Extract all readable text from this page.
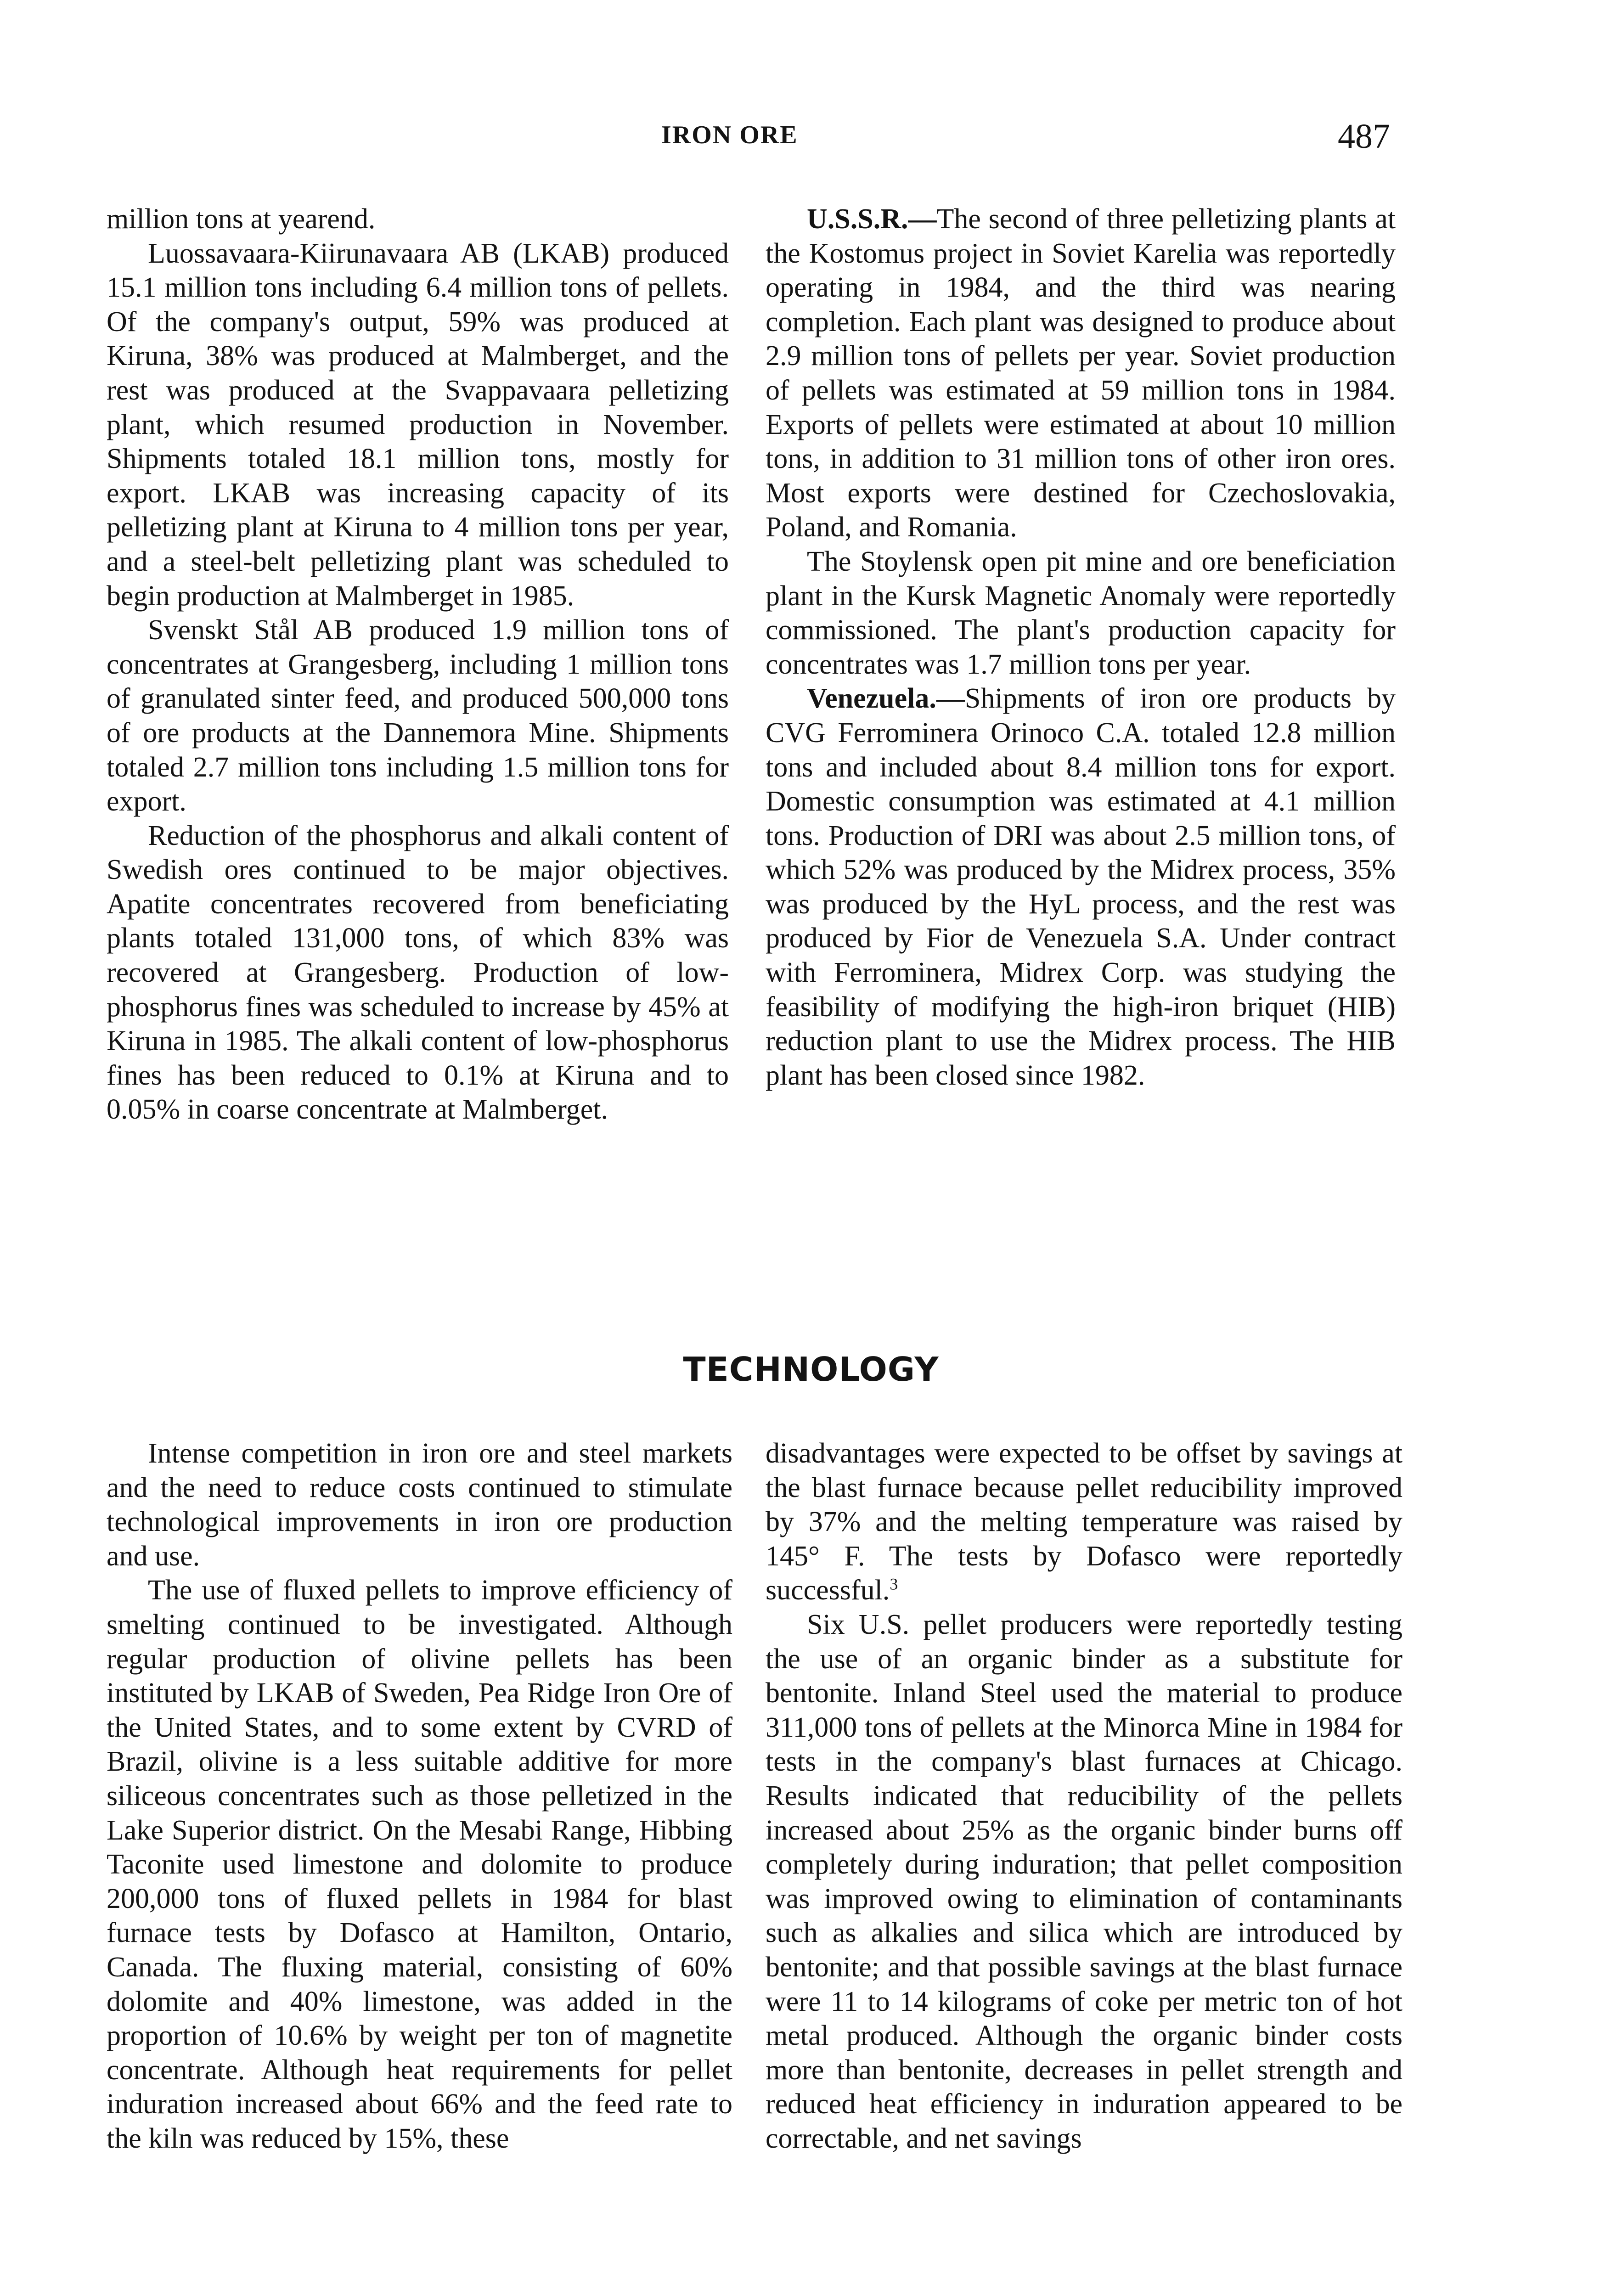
IRON ORE	487

million tons at yearend.

Luossavaara-Kiirunavaara AB (LKAB) produced 15.1 million tons including 6.4 million tons of pellets. Of the company's output, 59% was produced at Kiruna, 38% was produced at Malmberget, and the rest was produced at the Svappavaara pelletizing plant, which resumed production in November. Shipments totaled 18.1 million tons, mostly for export. LKAB was increasing capacity of its pelletizing plant at Kiruna to 4 million tons per year, and a steel-belt pelletizing plant was scheduled to begin production at Malmberget in 1985.

Svenskt Stål AB produced 1.9 million tons of concentrates at Grangesberg, including 1 million tons of granulated sinter feed, and produced 500,000 tons of ore products at the Dannemora Mine. Shipments totaled 2.7 million tons including 1.5 million tons for export.

Reduction of the phosphorus and alkali content of Swedish ores continued to be major objectives. Apatite concentrates recovered from beneficiating plants totaled 131,000 tons, of which 83% was recovered at Grangesberg. Production of low-phosphorus fines was scheduled to increase by 45% at Kiruna in 1985. The alkali content of low-phosphorus fines has been reduced to 0.1% at Kiruna and to 0.05% in coarse concentrate at Malmberget.

U.S.S.R.—The second of three pelletizing plants at the Kostomus project in Soviet Karelia was reportedly operating in 1984, and the third was nearing completion. Each plant was designed to produce about 2.9 million tons of pellets per year. Soviet production of pellets was estimated at 59 million tons in 1984. Exports of pellets were estimated at about 10 million tons, in addition to 31 million tons of other iron ores. Most exports were destined for Czechoslovakia, Poland, and Romania.

The Stoylensk open pit mine and ore beneficiation plant in the Kursk Magnetic Anomaly were reportedly commissioned. The plant's production capacity for concentrates was 1.7 million tons per year.

Venezuela.—Shipments of iron ore products by CVG Ferrominera Orinoco C.A. totaled 12.8 million tons and included about 8.4 million tons for export. Domestic consumption was estimated at 4.1 million tons. Production of DRI was about 2.5 million tons, of which 52% was produced by the Midrex process, 35% was produced by the HyL process, and the rest was produced by Fior de Venezuela S.A. Under contract with Ferrominera, Midrex Corp. was studying the feasibility of modifying the high-iron briquet (HIB) reduction plant to use the Midrex process. The HIB plant has been closed since 1982.

TECHNOLOGY

Intense competition in iron ore and steel markets and the need to reduce costs continued to stimulate technological improvements in iron ore production and use.

The use of fluxed pellets to improve efficiency of smelting continued to be investigated. Although regular production of olivine pellets has been instituted by LKAB of Sweden, Pea Ridge Iron Ore of the United States, and to some extent by CVRD of Brazil, olivine is a less suitable additive for more siliceous concentrates such as those pelletized in the Lake Superior district. On the Mesabi Range, Hibbing Taconite used limestone and dolomite to produce 200,000 tons of fluxed pellets in 1984 for blast furnace tests by Dofasco at Hamilton, Ontario, Canada. The fluxing material, consisting of 60% dolomite and 40% limestone, was added in the proportion of 10.6% by weight per ton of magnetite concentrate. Although heat requirements for pellet induration increased about 66% and the feed rate to the kiln was reduced by 15%, these

disadvantages were expected to be offset by savings at the blast furnace because pellet reducibility improved by 37% and the melting temperature was raised by 145° F. The tests by Dofasco were reportedly successful.$^3$

Six U.S. pellet producers were reportedly testing the use of an organic binder as a substitute for bentonite. Inland Steel used the material to produce 311,000 tons of pellets at the Minorca Mine in 1984 for tests in the company's blast furnaces at Chicago. Results indicated that reducibility of the pellets increased about 25% as the organic binder burns off completely during induration; that pellet composition was improved owing to elimination of contaminants such as alkalies and silica which are introduced by bentonite; and that possible savings at the blast furnace were 11 to 14 kilograms of coke per metric ton of hot metal produced. Although the organic binder costs more than bentonite, decreases in pellet strength and reduced heat efficiency in induration appeared to be correctable, and net savings
